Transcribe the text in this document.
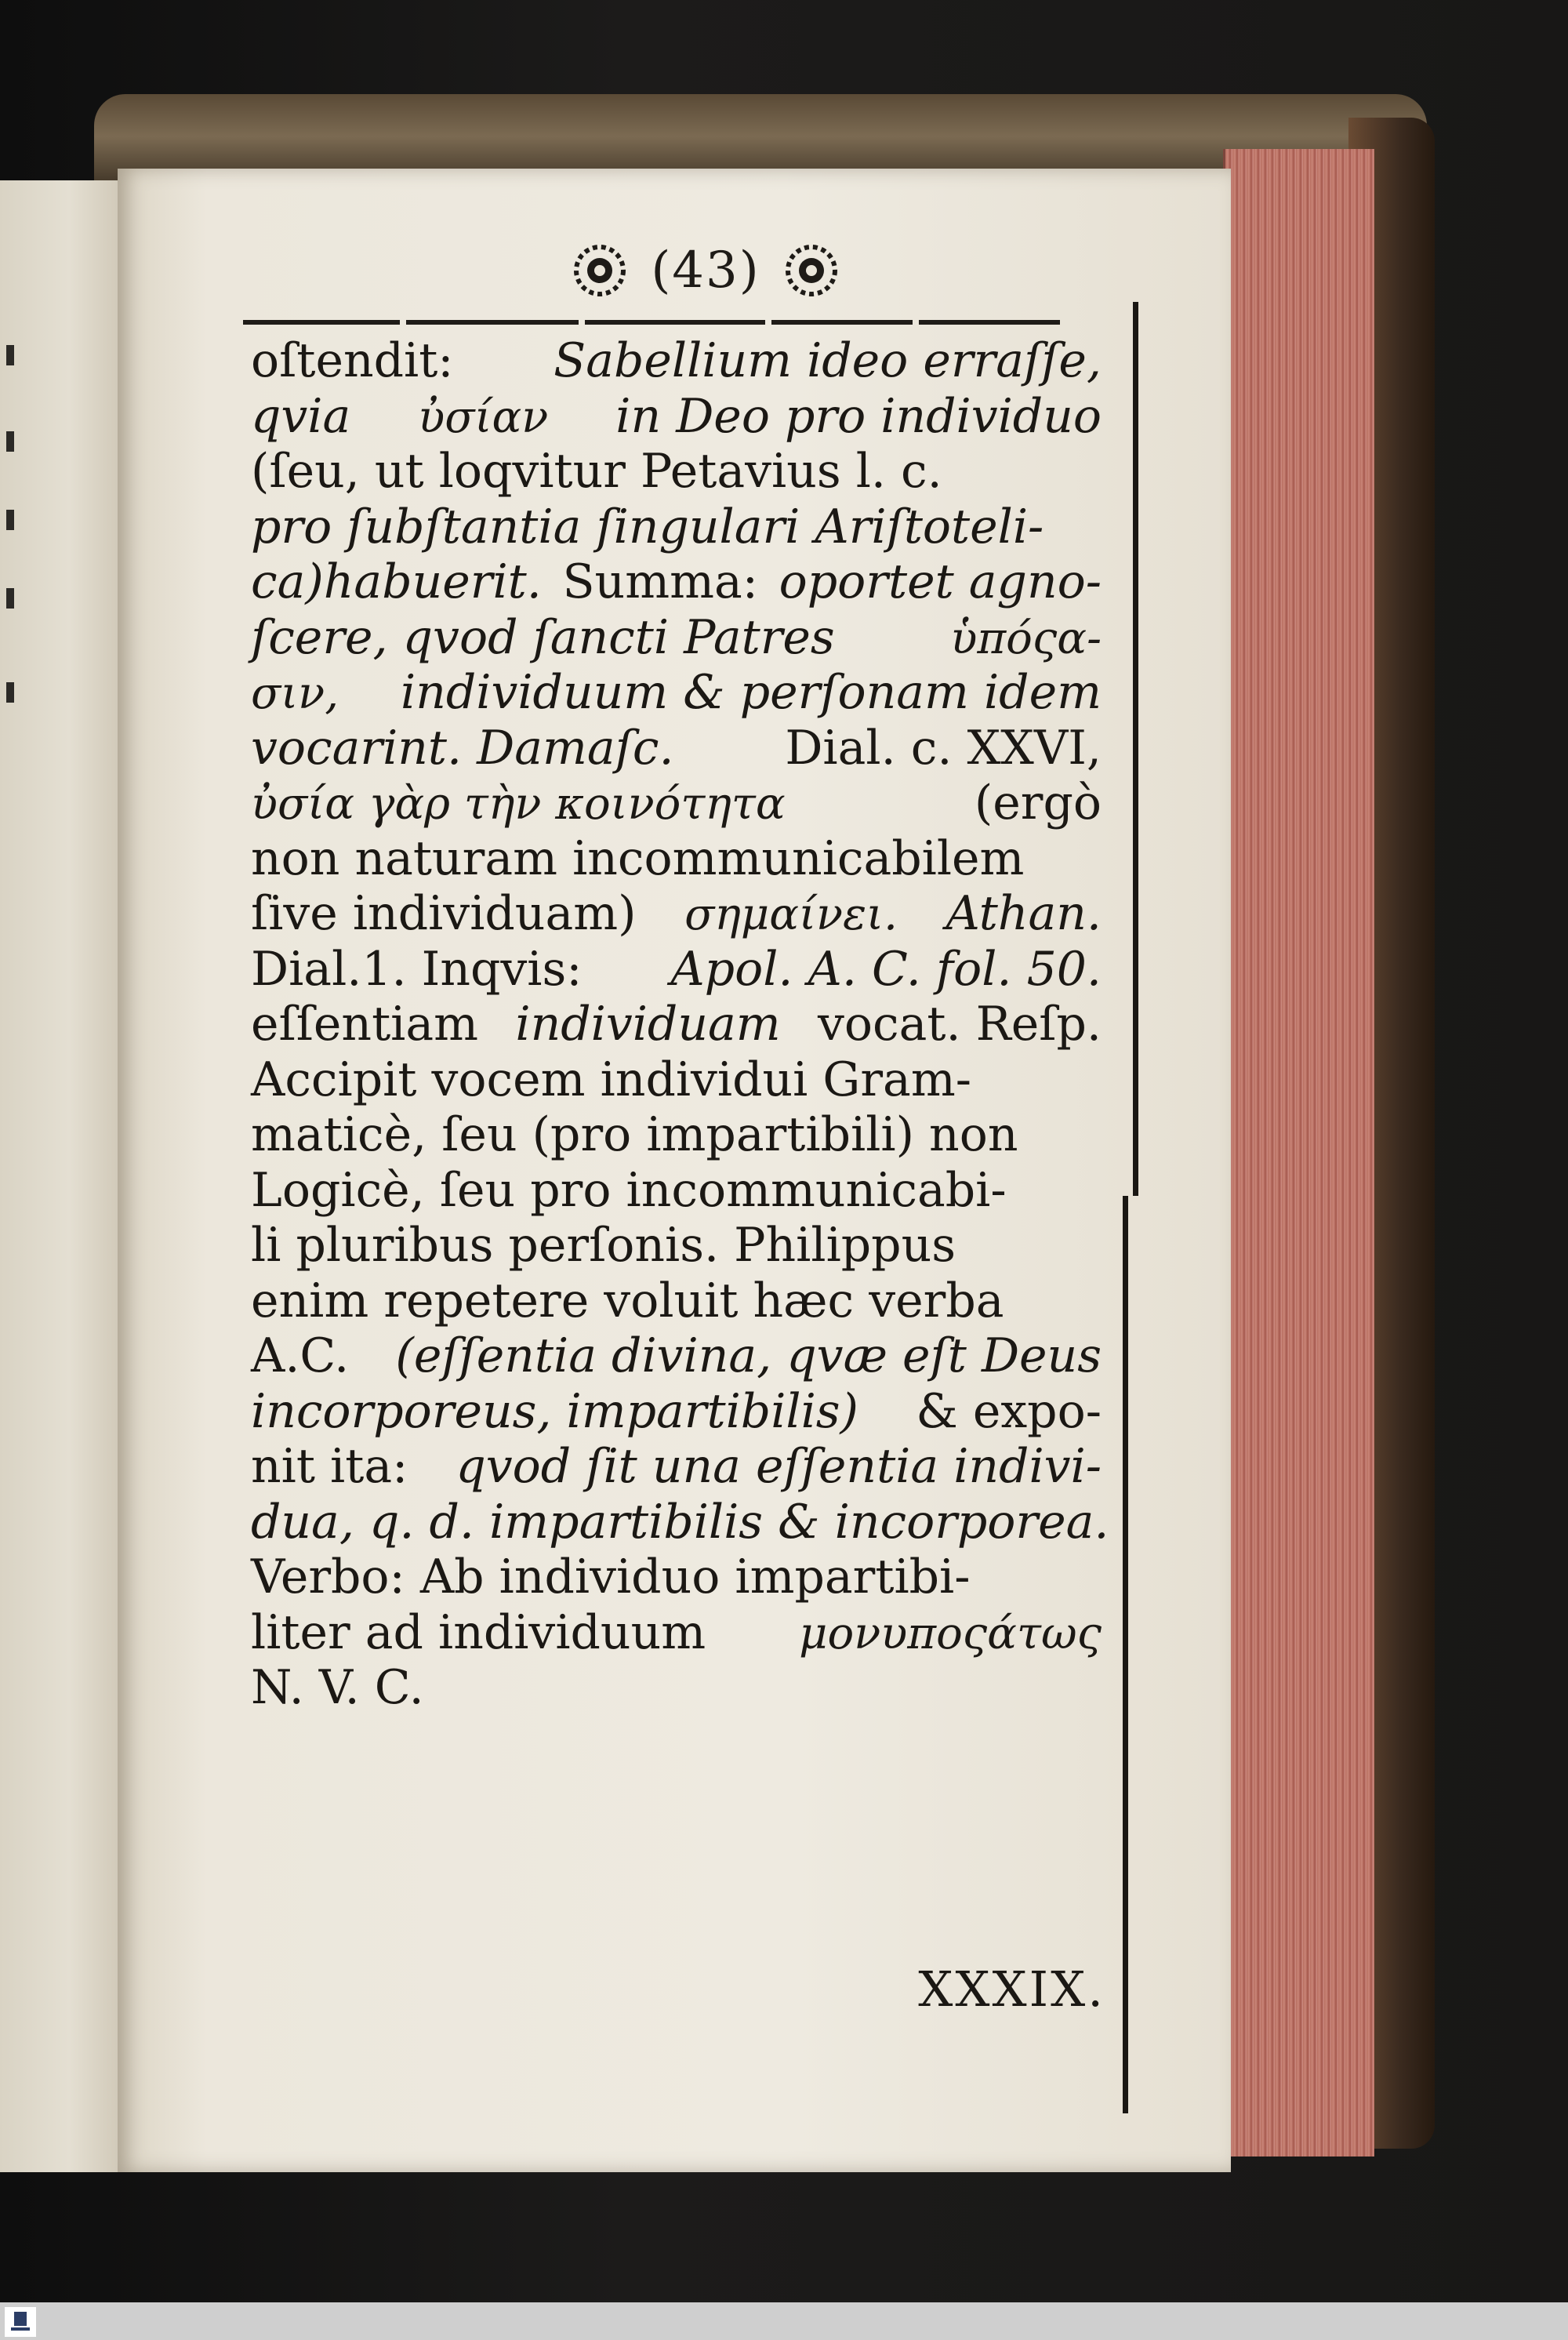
(43)
oſtendit: Sabellium ideo erraſſe,
qvia ὐσίαν in Deo pro individuo
(ſeu, ut loqvitur Petavius l. c.
pro ſubſtantia ſingulari Ariſtoteli-
ca)habuerit. Summa: oportet agno-
ſcere, qvod ſancti Patres	ὑπόςα-
σιν, individuum & perſonam idem
vocarint. Damaſc. Dial. c. XXVI,
ὐσία γὰρ τὴν κοινότητα	(ergò
non naturam incommunicabilem
ſive individuam) σημαίνει. Athan.
Dial.1. Inqvis: Apol. A. C. fol. 50.
eſſentiam individuam vocat. Reſp.
Accipit vocem individui Gram-
maticè, ſeu (pro impartibili) non
Logicè, ſeu pro incommunicabi-
li pluribus perſonis. Philippus
enim repetere voluit hæc verba
A.C. (eſſentia divina, qvæ eſt Deus
incorporeus, impartibilis) & expo-
nit ita: qvod ſit una eſſentia indivi-
dua, q. d. impartibilis & incorporea.
Verbo: Ab individuo impartibi-
liter ad individuum μονυποςάτως
N. V. C.
XXXIX.
